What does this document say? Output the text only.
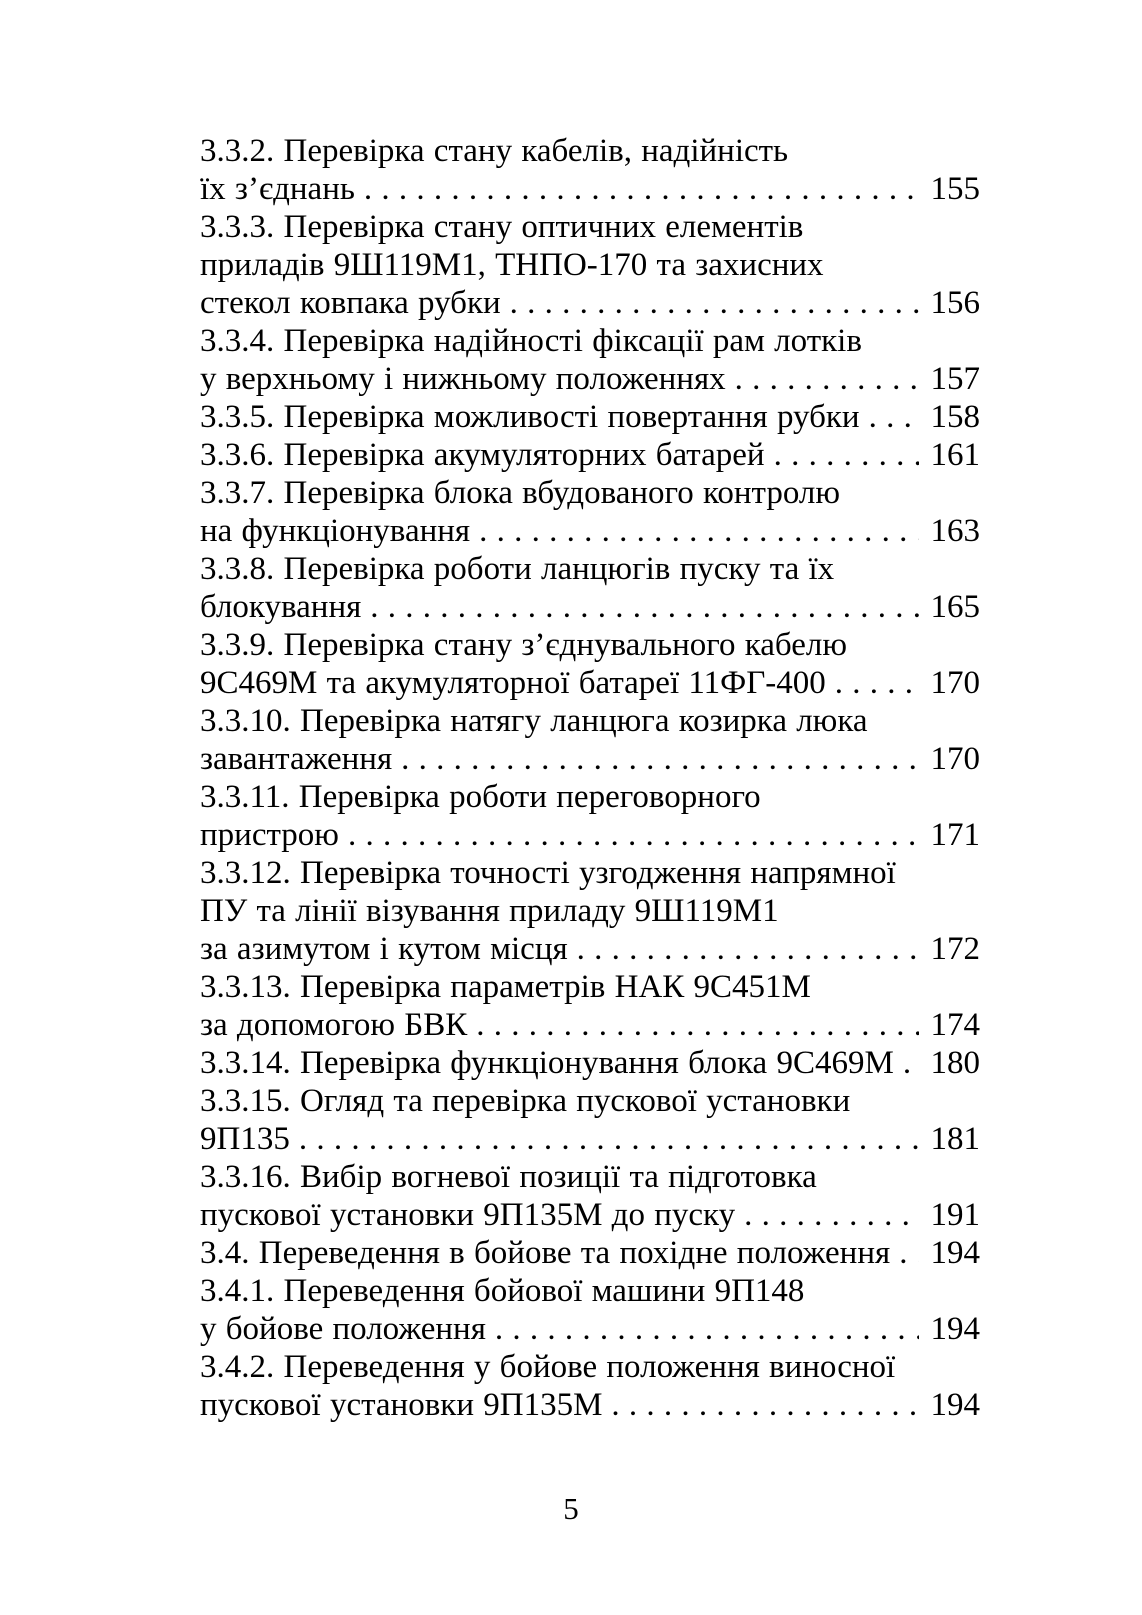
3.3.2. Перевірка стану кабелів, надійність
їх з’єднань . . .	155
3.3.3. Перевірка стану оптичних елементів
приладів 9Ш119М1, ТНПО-170 та захисних
стекол ковпака рубки . . .	156
3.3.4. Перевірка надійності фіксації рам лотків
у верхньому і нижньому положеннях . . .	157
3.3.5. Перевірка можливості повертання рубки . . . 158
3.3.6. Перевірка акумуляторних батарей . . .	161
3.3.7. Перевірка блока вбудованого контролю
на функціонування . . .	163
3.3.8. Перевірка роботи ланцюгів пуску та їх
блокування . . .	165
3.3.9. Перевірка стану з’єднувального кабелю
9С469М та акумуляторної батареї 11ФГ-400 . . .	170
3.3.10. Перевірка натягу ланцюга козирка люка
завантаження . . .	170
3.3.11. Перевірка роботи переговорного
пристрою . . .	171
3.3.12. Перевірка точності узгодження напрямної
ПУ та лінії візування приладу 9Ш119М1
за азимутом і кутом місця . . .	172
3.3.13. Перевірка параметрів НАК 9С451М
за допомогою БВК . . .	174
3.3.14. Перевірка функціонування блока 9С469М . . . 180
3.3.15. Огляд та перевірка пускової установки
9П135 . . .	181
3.3.16. Вибір вогневої позиції та підготовка
пускової установки 9П135М до пуску . . .	191
3.4. Переведення в бойове та похідне положення . . . 194
3.4.1. Переведення бойової машини 9П148
у бойове положення . . .	194
3.4.2. Переведення у бойове положення виносної
пускової установки 9П135М . . .	194
5
